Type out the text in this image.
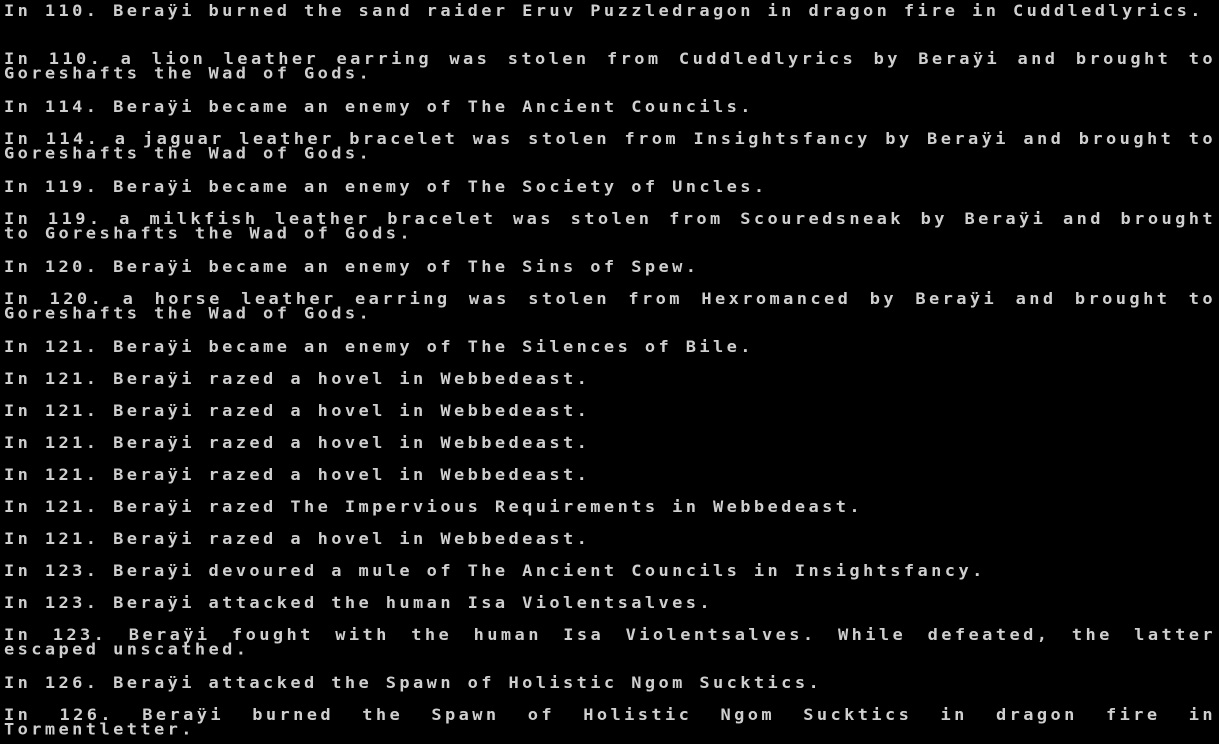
In 110. Beraÿi burned the sand raider Eruv Puzzledragon in dragon fire in Cuddledlyrics.
In 110. a lion leather earring was stolen from Cuddledlyrics by Beraÿi and brought to Goreshafts the Wad of Gods.
In 114. Beraÿi became an enemy of The Ancient Councils.
In 114. a jaguar leather bracelet was stolen from Insightsfancy by Beraÿi and brought to Goreshafts the Wad of Gods.
In 119. Beraÿi became an enemy of The Society of Uncles.
In 119. a milkfish leather bracelet was stolen from Scouredsneak by Beraÿi and brought to Goreshafts the Wad of Gods.
In 120. Beraÿi became an enemy of The Sins of Spew.
In 120. a horse leather earring was stolen from Hexromanced by Beraÿi and brought to Goreshafts the Wad of Gods.
In 121. Beraÿi became an enemy of The Silences of Bile.
In 121. Beraÿi razed a hovel in Webbedeast.
In 121. Beraÿi razed a hovel in Webbedeast.
In 121. Beraÿi razed a hovel in Webbedeast.
In 121. Beraÿi razed a hovel in Webbedeast.
In 121. Beraÿi razed The Impervious Requirements in Webbedeast.
In 121. Beraÿi razed a hovel in Webbedeast.
In 123. Beraÿi devoured a mule of The Ancient Councils in Insightsfancy.
In 123. Beraÿi attacked the human Isa Violentsalves.
In 123. Beraÿi fought with the human Isa Violentsalves. While defeated, the latter escaped unscathed.
In 126. Beraÿi attacked the Spawn of Holistic Ngom Sucktics.
In 126. Beraÿi burned the Spawn of Holistic Ngom Sucktics in dragon fire in Tormentletter.
